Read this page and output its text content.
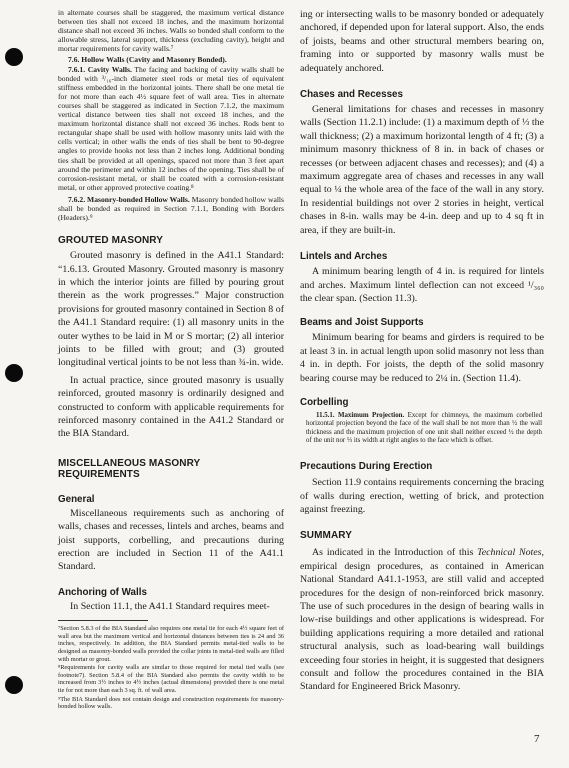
in alternate courses shall be staggered, the maximum vertical distance between ties shall not exceed 18 inches, and the maximum horizontal distance shall not exceed 36 inches. Walls so bonded shall conform to the allowable stress, lateral support, thickness (excluding cavity), height and mortar requirements for cavity walls.⁷

7.6. Hollow Walls (Cavity and Masonry Bonded).

7.6.1. Cavity Walls. The facing and backing of cavity walls shall be bonded with ³/₁₆-inch diameter steel rods or metal ties of equivalent stiffness embedded in the horizontal joints. There shall be one metal tie for not more than each 4½ square feet of wall area. Ties in alternate courses shall be staggered as indicated in Section 7.1.2, the maximum vertical distance between ties shall not exceed 18 inches, and the maximum horizontal distance shall not exceed 36 inches. Rods bent to rectangular shape shall be used with hollow masonry units laid with the cells vertical; in other walls the ends of ties shall be bent to 90-degree angles to provide hooks not less than 2 inches long. Additional bonding ties shall be provided at all openings, spaced not more than 3 feet apart around the perimeter and within 12 inches of the opening. Ties shall be of corrosion-resistant metal, or shall be coated with a corrosion-resistant metal, or other approved protective coating.⁸

7.6.2. Masonry-bonded Hollow Walls. Masonry bonded hollow walls shall be bonded as required in Section 7.1.1, Bonding with Borders (Headers).⁹

GROUTED MASONRY

Grouted masonry is defined in the A41.1 Standard: “1.6.13. Grouted Masonry. Grouted masonry is masonry in which the interior joints are filled by pouring grout therein as the work progresses.” Major construction provisions for grouted masonry contained in Section 8 of the A41.1 Standard require: (1) all masonry units in the outer wythes to be laid in M or S mortar; (2) all interior joints to be filled with grout; and (3) grouted longitudinal vertical joints to be not less than ¾-in. wide.

In actual practice, since grouted masonry is usually reinforced, grouted masonry is ordinarily designed and constructed to conform with applicable requirements for reinforced masonry contained in the A41.2 Standard or the BIA Standard.

MISCELLANEOUS MASONRY REQUIREMENTS
General

Miscellaneous requirements such as anchoring of walls, chases and recesses, lintels and arches, beams and joist supports, corbelling, and precautions during erection are included in Section 11 of the A41.1 Standard.

Anchoring of Walls

In Section 11.1, the A41.1 Standard requires meet-

⁷Section 5.8.3 of the BIA Standard also requires one metal tie for each 4½ square feet of wall area but the maximum vertical and horizontal distances between ties is 24 and 36 inches, respectively. In addition, the BIA Standard permits metal-tied walls to be designed as masonry-bonded walls provided the collar joints in metal-tied walls are filled with mortar or grout.

⁸Requirements for cavity walls are similar to those required for metal tied walls (see footnote7). Section 5.8.4 of the BIA Standard also permits the cavity width to be increased from 3½ inches to 4½ inches (actual dimensions) provided there is one metal tie for not more than each 3 sq. ft. of wall area.

⁹The BIA Standard does not contain design and construction requirements for masonry-bonded hollow walls.

ing or intersecting walls to be masonry bonded or adequately anchored, if depended upon for lateral support. Also, the ends of joists, beams and other structural members bearing on, framing into or supported by masonry walls must be adequately anchored.

Chases and Recesses

General limitations for chases and recesses in masonry walls (Section 11.2.1) include: (1) a maximum depth of ⅓ the wall thickness; (2) a maximum horizontal length of 4 ft; (3) a minimum masonry thickness of 8 in. in back of chases or recesses (or between adjacent chases and recesses); and (4) a maximum aggregate area of chases and recesses in any wall equal to ¼ the whole area of the face of the wall in any story. In residential buildings not over 2 stories in height, vertical chases in 8-in. walls may be 4-in. deep and up to 4 sq ft in area, if they are built-in.

Lintels and Arches

A minimum bearing length of 4 in. is required for lintels and arches. Maximum lintel deflection can not exceed ¹/₃₆₀ the clear span. (Section 11.3).

Beams and Joist Supports

Minimum bearing for beams and girders is required to be at least 3 in. in actual length upon solid masonry not less than 4 in. in depth. For joists, the depth of the solid masonry bearing course may be reduced to 2¼ in. (Section 11.4).

Corbelling

11.5.1. Maximum Projection. Except for chimneys, the maximum corbelled horizontal projection beyond the face of the wall shall be not more than ½ the wall thickness and the maximum projection of one unit shall neither exceed ½ the depth of the unit nor ⅓ its width at right angles to the face which is offset.

Precautions During Erection

Section 11.9 contains requirements concerning the bracing of walls during erection, wetting of brick, and protection against freezing.

SUMMARY

As indicated in the Introduction of this Technical Notes, empirical design procedures, as contained in American National Standard A41.1-1953, are still valid and accepted procedures for the design of non-reinforced brick masonry. The use of such procedures in the design of bearing walls in low-rise buildings and other applications is widespread. For building applications requiring a more detailed and rational structural analysis, such as load-bearing wall buildings exceeding four stories in height, it is suggested that designers consult and follow the procedures contained in the BIA Standard for Engineered Brick Masonry.

7
